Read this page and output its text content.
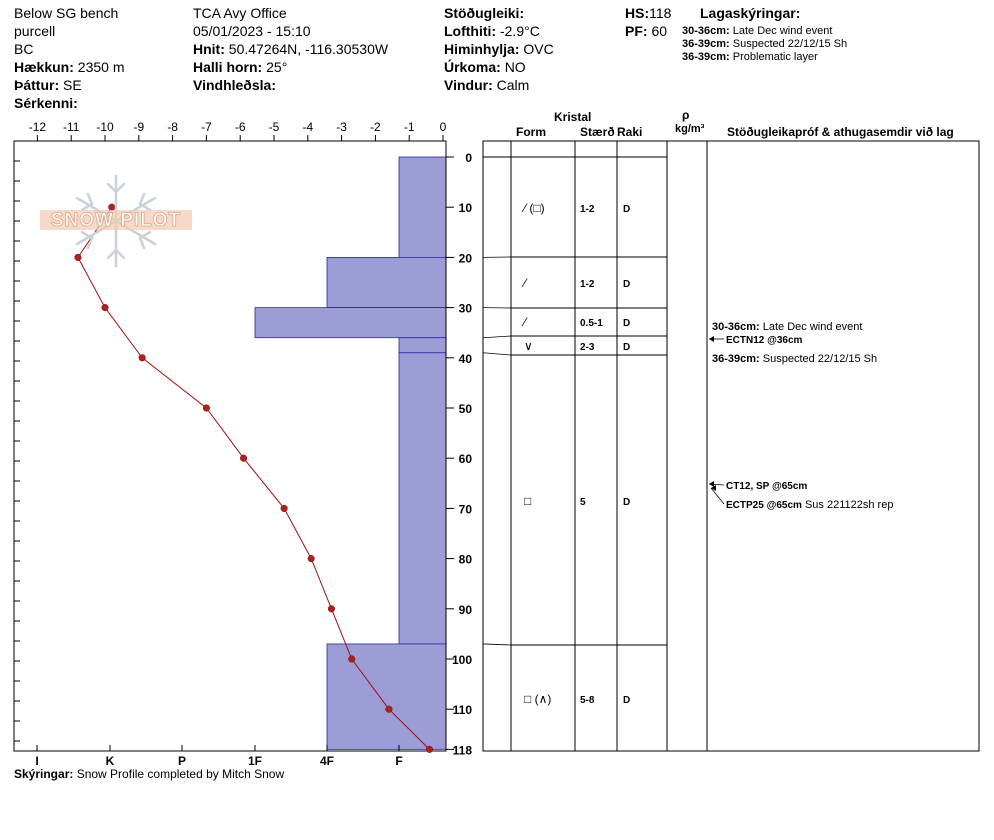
Below SG bench
purcell
BC
Hækkun: 2350 m
Þáttur: SE
Sérkenni:
TCA Avy Office
05/01/2023 - 15:10
Hnit: 50.47264N, -116.30530W
Halli horn: 25°
Vindhleðsla:
Stöðugleiki:
Lofthiti: -2.9°C
Himinhylja: OVC
Úrkoma: NO
Vindur: Calm
HS:118
PF: 60
Lagaskýringar:
30-36cm: Late Dec wind event
36-39cm: Suspected 22/12/15 Sh
36-39cm: Problematic layer
Kristal
Form	Stærð Raki
ρ
kg/m³ Stöðugleikapróf & athugasemdir við lag
-12 -11 -10 -9 -8 -7 -6 -5 -4 -3 -2 -1 0
I	K	P	1F	4F	F
0
10
20
30
40
50
60
70
80
90
100
110
118
⁄ (□)	1-2	D
⁄	1-2	D
⁄	0.5-1 D
∨	2-3	D
□	5	D
□ (∧)	5-8	D
30-36cm: Late Dec wind event
ECTN12 @36cm
36-39cm: Suspected 22/12/15 Sh
CT12, SP @65cm
ECTP25 @65cm Sus 221122sh rep
SNOW PILOT
Skýringar: Snow Profile completed by Mitch Snow
